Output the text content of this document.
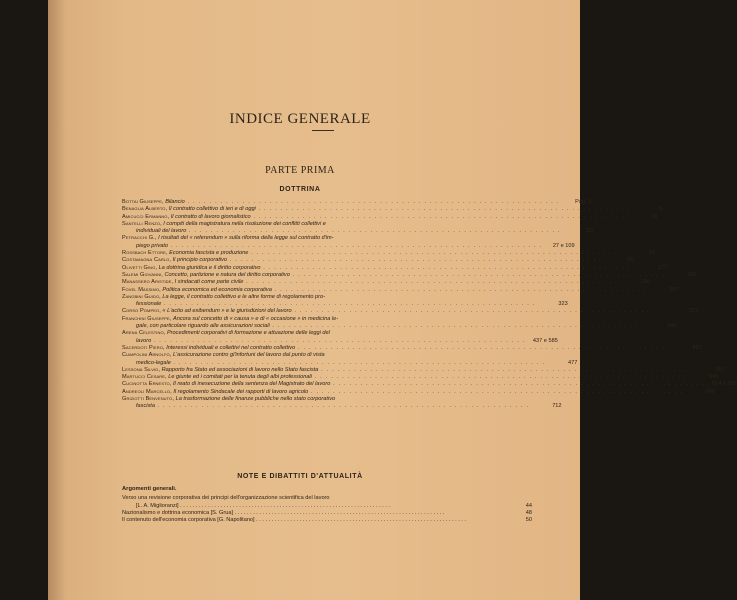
INDICE GENERALE
PARTE PRIMA
DOTTRINA
Bottai Giuseppe, Bilancio . . . . . . . . . . . . . . . . . . . . . . . . . . . . . . . . . . . . . . . . . . . . . . . . . . . . . . . . . . . . . . . . . . . .	Pag. 3
Benaglia Alberto, Il contratto collettivo di ieri e di oggi . . . . . . . . . . . . . . . . . . . . . . . . . . . . . . . . . . . . . . . . . . . . . . . . . . . . . . . . . . . . . . . . . . . .	6
Amicucci Ermanno, Il contratto di lavoro giornalistico . . . . . . . . . . . . . . . . . . . . . . . . . . . . . . . . . . . . . . . . . . . . . . . . . . . . . . . . . . . . . . . . . . . .	18
Santelli Renzo, I compiti della magistratura nella risoluzione dei conflitti collettivi e
individuali del lavoro . . . . . . . . . . . . . . . . . . . . . . . . . . . . . . . . . . . . . . . . . . . . . . . . . . . . . . . . . . . . . . . . . . . .	23
Petracchi G., I risultati del « referendum » sulla riforma della legge sul contratto d'im-
piego privato . . . . . . . . . . . . . . . . . . . . . . . . . . . . . . . . . . . . . . . . . . . . . . . . . . . . . . . . . . . . . . . . . . . .	27 e 109
Rossbach Ettore, Economia fascista e produzione . . . . . . . . . . . . . . . . . . . . . . . . . . . . . . . . . . . . . . . . . . . . . . . . . . . . . . . . . . . . . . . . . . . .	83
Costamagna Carlo, Il principio corporativo . . . . . . . . . . . . . . . . . . . . . . . . . . . . . . . . . . . . . . . . . . . . . . . . . . . . . . . . . . . . . . . . . . . .	89
Olivetti Gino, La dottrina giuridica e il diritto corporativo . . . . . . . . . . . . . . . . . . . . . . . . . . . . . . . . . . . . . . . . . . . . . . . . . . . . . . . . . . . . . . . . . . . .	177
Salemi Giovanni, Concetto, partizione e natura del diritto corporativo . . . . . . . . . . . . . . . . . . . . . . . . . . . . . . . . . . . . . . . . . . . . . . . . . . . . . . . . . . . . . . . . . . . .	186
Manassero Aristide, I sindacati come parte civile . . . . . . . . . . . . . . . . . . . . . . . . . . . . . . . . . . . . . . . . . . . . . . . . . . . . . . . . . . . . . . . . . . . .	196
Fovel Massimo, Politica economica ed economia corporativa . . . . . . . . . . . . . . . . . . . . . . . . . . . . . . . . . . . . . . . . . . . . . . . . . . . . . . . . . . . . . . . . . . . .	207
Zanobini Guido, La legge, il contratto collettivo e le altre forme di regolamento pro-
fessionale . . . . . . . . . . . . . . . . . . . . . . . . . . . . . . . . . . . . . . . . . . . . . . . . . . . . . . . . . . . . . . . . . . . .	323
Corso Pompeo, « L'actio ad exibendum » e le giurisdizioni del lavoro . . . . . . . . . . . . . . . . . . . . . . . . . . . . . . . . . . . . . . . . . . . . . . . . . . . . . . . . . . . . . . . . . . . .	337
Franchini Giuseppe, Ancora sul concetto di « causa » e di « occasione » in medicina le-
gale, con particolare riguardo alle assicurazioni sociali . . . . . . . . . . . . . . . . . . . . . . . . . . . . . . . . . . . . . . . . . . . . . . . . . . . . . . . . . . . . . . . . . . . .	346
Arena Celestino, Procedimenti corporativi di formazione e attuazione delle leggi del
lavoro . . . . . . . . . . . . . . . . . . . . . . . . . . . . . . . . . . . . . . . . . . . . . . . . . . . . . . . . . . . . . . . . . . . .	437 e 585
Sacerdoti Piero, Interessi individuali e collettivi nel contratto collettivo . . . . . . . . . . . . . . . . . . . . . . . . . . . . . . . . . . . . . . . . . . . . . . . . . . . . . . . . . . . . . . . . . . . .	451
Ciampolini Arnolfo, L'assicurazione contro gl'infortuni del lavoro dal punto di vista
medico-legale . . . . . . . . . . . . . . . . . . . . . . . . . . . . . . . . . . . . . . . . . . . . . . . . . . . . . . . . . . . . . . . . . . . .	477
Lessona Silvio, Rapporto fra Stato ed associazioni di lavoro nello Stato fascista . . . . . . . . . . . . . . . . . . . . . . . . . . . . . . . . . . . . . . . . . . . . . . . . . . . . . . . . . . . . . . . . . . . .	567
Martucci Cesare, Le giunte ed i comitati per la tenuta degli albi professionali . . . . . . . . . . . . . . . . . . . . . . . . . . . . . . . . . . . . . . . . . . . . . . . . . . . . . . . . . . . . . . . . . . . .	598
Cucinotta Ernesto, Il reato di inesecuzione della sentenza del Magistrato del lavoro . . . . . . . . . . . . . . . . . . . . . . . . . . . . . . . . . . . . . . . . . . . . . . . . . . . . . . . . . . . . . . . . . . . .	614 e 685
Andreoli Marcello, Il regolamento Sindacale dei rapporti di lavoro agricolo . . . . . . . . . . . . . . . . . . . . . . . . . . . . . . . . . . . . . . . . . . . . . . . . . . . . . . . . . . . . . . . . . . . .	699
Griziotti Benvenuto, La trasformazione delle finanze pubbliche nello stato corporativo
fascista . . . . . . . . . . . . . . . . . . . . . . . . . . . . . . . . . . . . . . . . . . . . . . . . . . . . . . . . . . . . . . . . . . . .	712
NOTE E DIBATTITI D'ATTUALITÀ
Argomenti generali.
Verso una revisione corporativa dei principi dell'organizzazione scientifica del lavoro
[L. A. Miglioranzi] . . . . . . . . . . . . . . . . . . . . . . . . . . . . . . . . . . . . . . . . . . . . . . . . . . . . . . . . . . . . . . . . . . . .	44
Nazionalismo e dottrina economica [S. Grua] . . . . . . . . . . . . . . . . . . . . . . . . . . . . . . . . . . . . . . . . . . . . . . . . . . . . . . . . . . . . . . . . . . . .	48
Il contenuto dell'economia corporativa [G. Napolitano] . . . . . . . . . . . . . . . . . . . . . . . . . . . . . . . . . . . . . . . . . . . . . . . . . . . . . . . . . . . . . . . . . . . .	50
